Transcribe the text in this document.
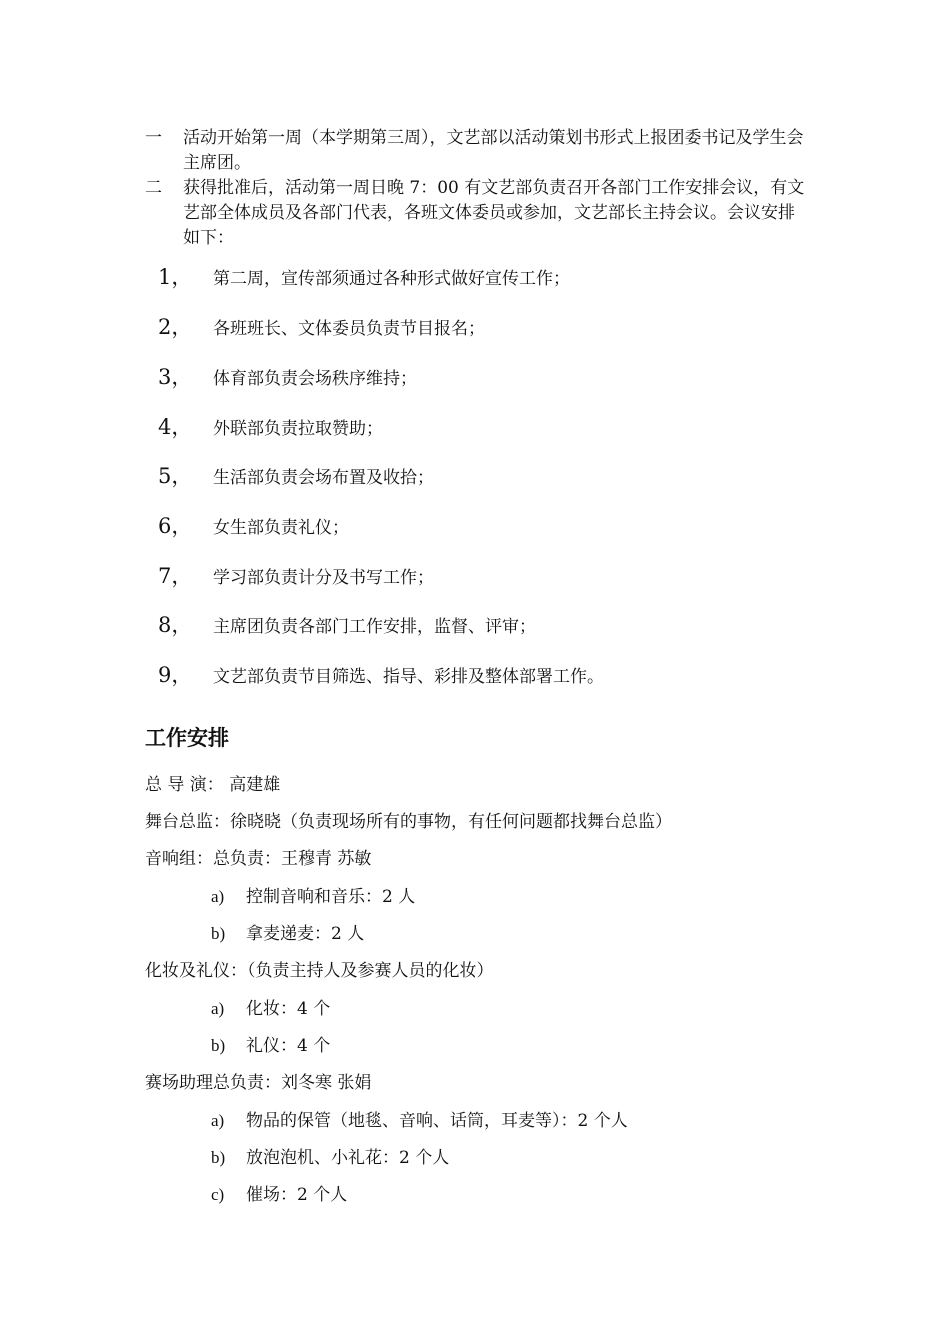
一	活动开始第一周（本学期第三周），文艺部以活动策划书形式上报团委书记及学生会主席团。
二	获得批准后，活动第一周日晚 7：00 有文艺部负责召开各部门工作安排会议，有文艺部全体成员及各部门代表，各班文体委员或参加，文艺部长主持会议。会议安排如下：
1，	第二周，宣传部须通过各种形式做好宣传工作；
2，	各班班长、文体委员负责节目报名；
3，	体育部负责会场秩序维持；
4，	外联部负责拉取赞助；
5，	生活部负责会场布置及收拾；
6，	女生部负责礼仪；
7，	学习部负责计分及书写工作；
8，	主席团负责各部门工作安排，监督、评审；
9，	文艺部负责节目筛选、指导、彩排及整体部署工作。
工作安排
总 导 演： 高建雄
舞台总监：徐晓晓（负责现场所有的事物，有任何问题都找舞台总监）
音响组：总负责：王穆青 苏敏
a)	控制音响和音乐：2 人
b)	拿麦递麦：2 人
化妆及礼仪：（负责主持人及参赛人员的化妆）
a)	化妆：4 个
b)	礼仪：4 个
赛场助理总负责：刘冬寒 张娟
a)	物品的保管（地毯、音响、话筒，耳麦等）：2 个人
b)	放泡泡机、小礼花：2 个人
c)	催场：2 个人
